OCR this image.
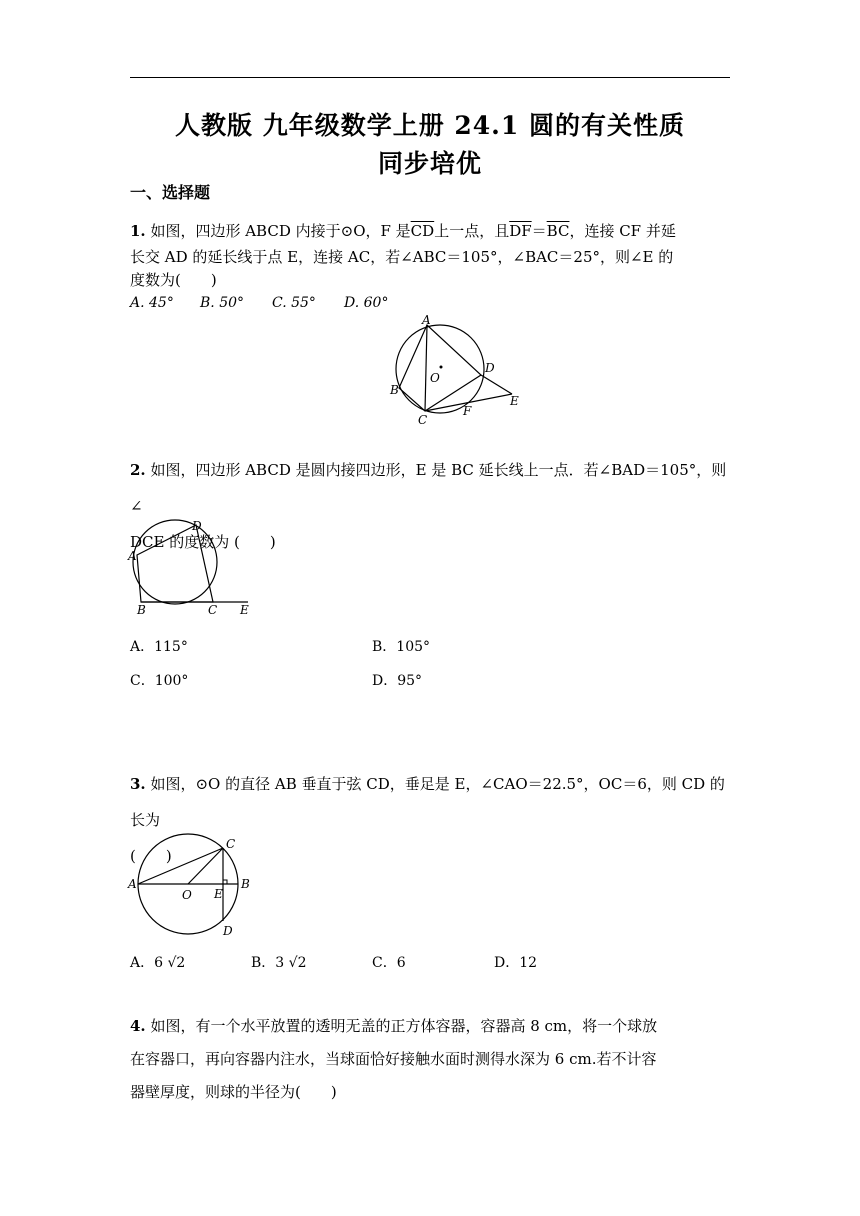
人教版 九年级数学上册 24.1 圆的有关性质
同步培优
一、选择题
1. 如图，四边形 ABCD 内接于⊙O，F 是$\overline{CD}$上一点，且$\overline{DF}=\overline{BC}$，连接 CF 并延
长交 AD 的延长线于点 E，连接 AC，若∠ABC＝105°，∠BAC＝25°，则∠E 的
度数为(　　)
A. 45° B. 50° C. 55° D. 60°
A
B
C
D
E
F
O
2. 如图，四边形 ABCD 是圆内接四边形，E 是 BC 延长线上一点．若∠BAD＝105°，则∠
DCE 的度数为 (　　)
A
B	C
D
E
A．115°	B．105°
C．100°	D．95°
3. 如图，⊙O 的直径 AB 垂直于弦 CD，垂足是 E，∠CAO＝22.5°，OC＝6，则 CD 的长为
(　　)
A	B
C
D
E
O
A．6 √2	B．3 √2	C．6	D．12
4. 如图，有一个水平放置的透明无盖的正方体容器，容器高 8 cm，将一个球放
在容器口，再向容器内注水，当球面恰好接触水面时测得水深为 6 cm.若不计容
器壁厚度，则球的半径为(　　)
